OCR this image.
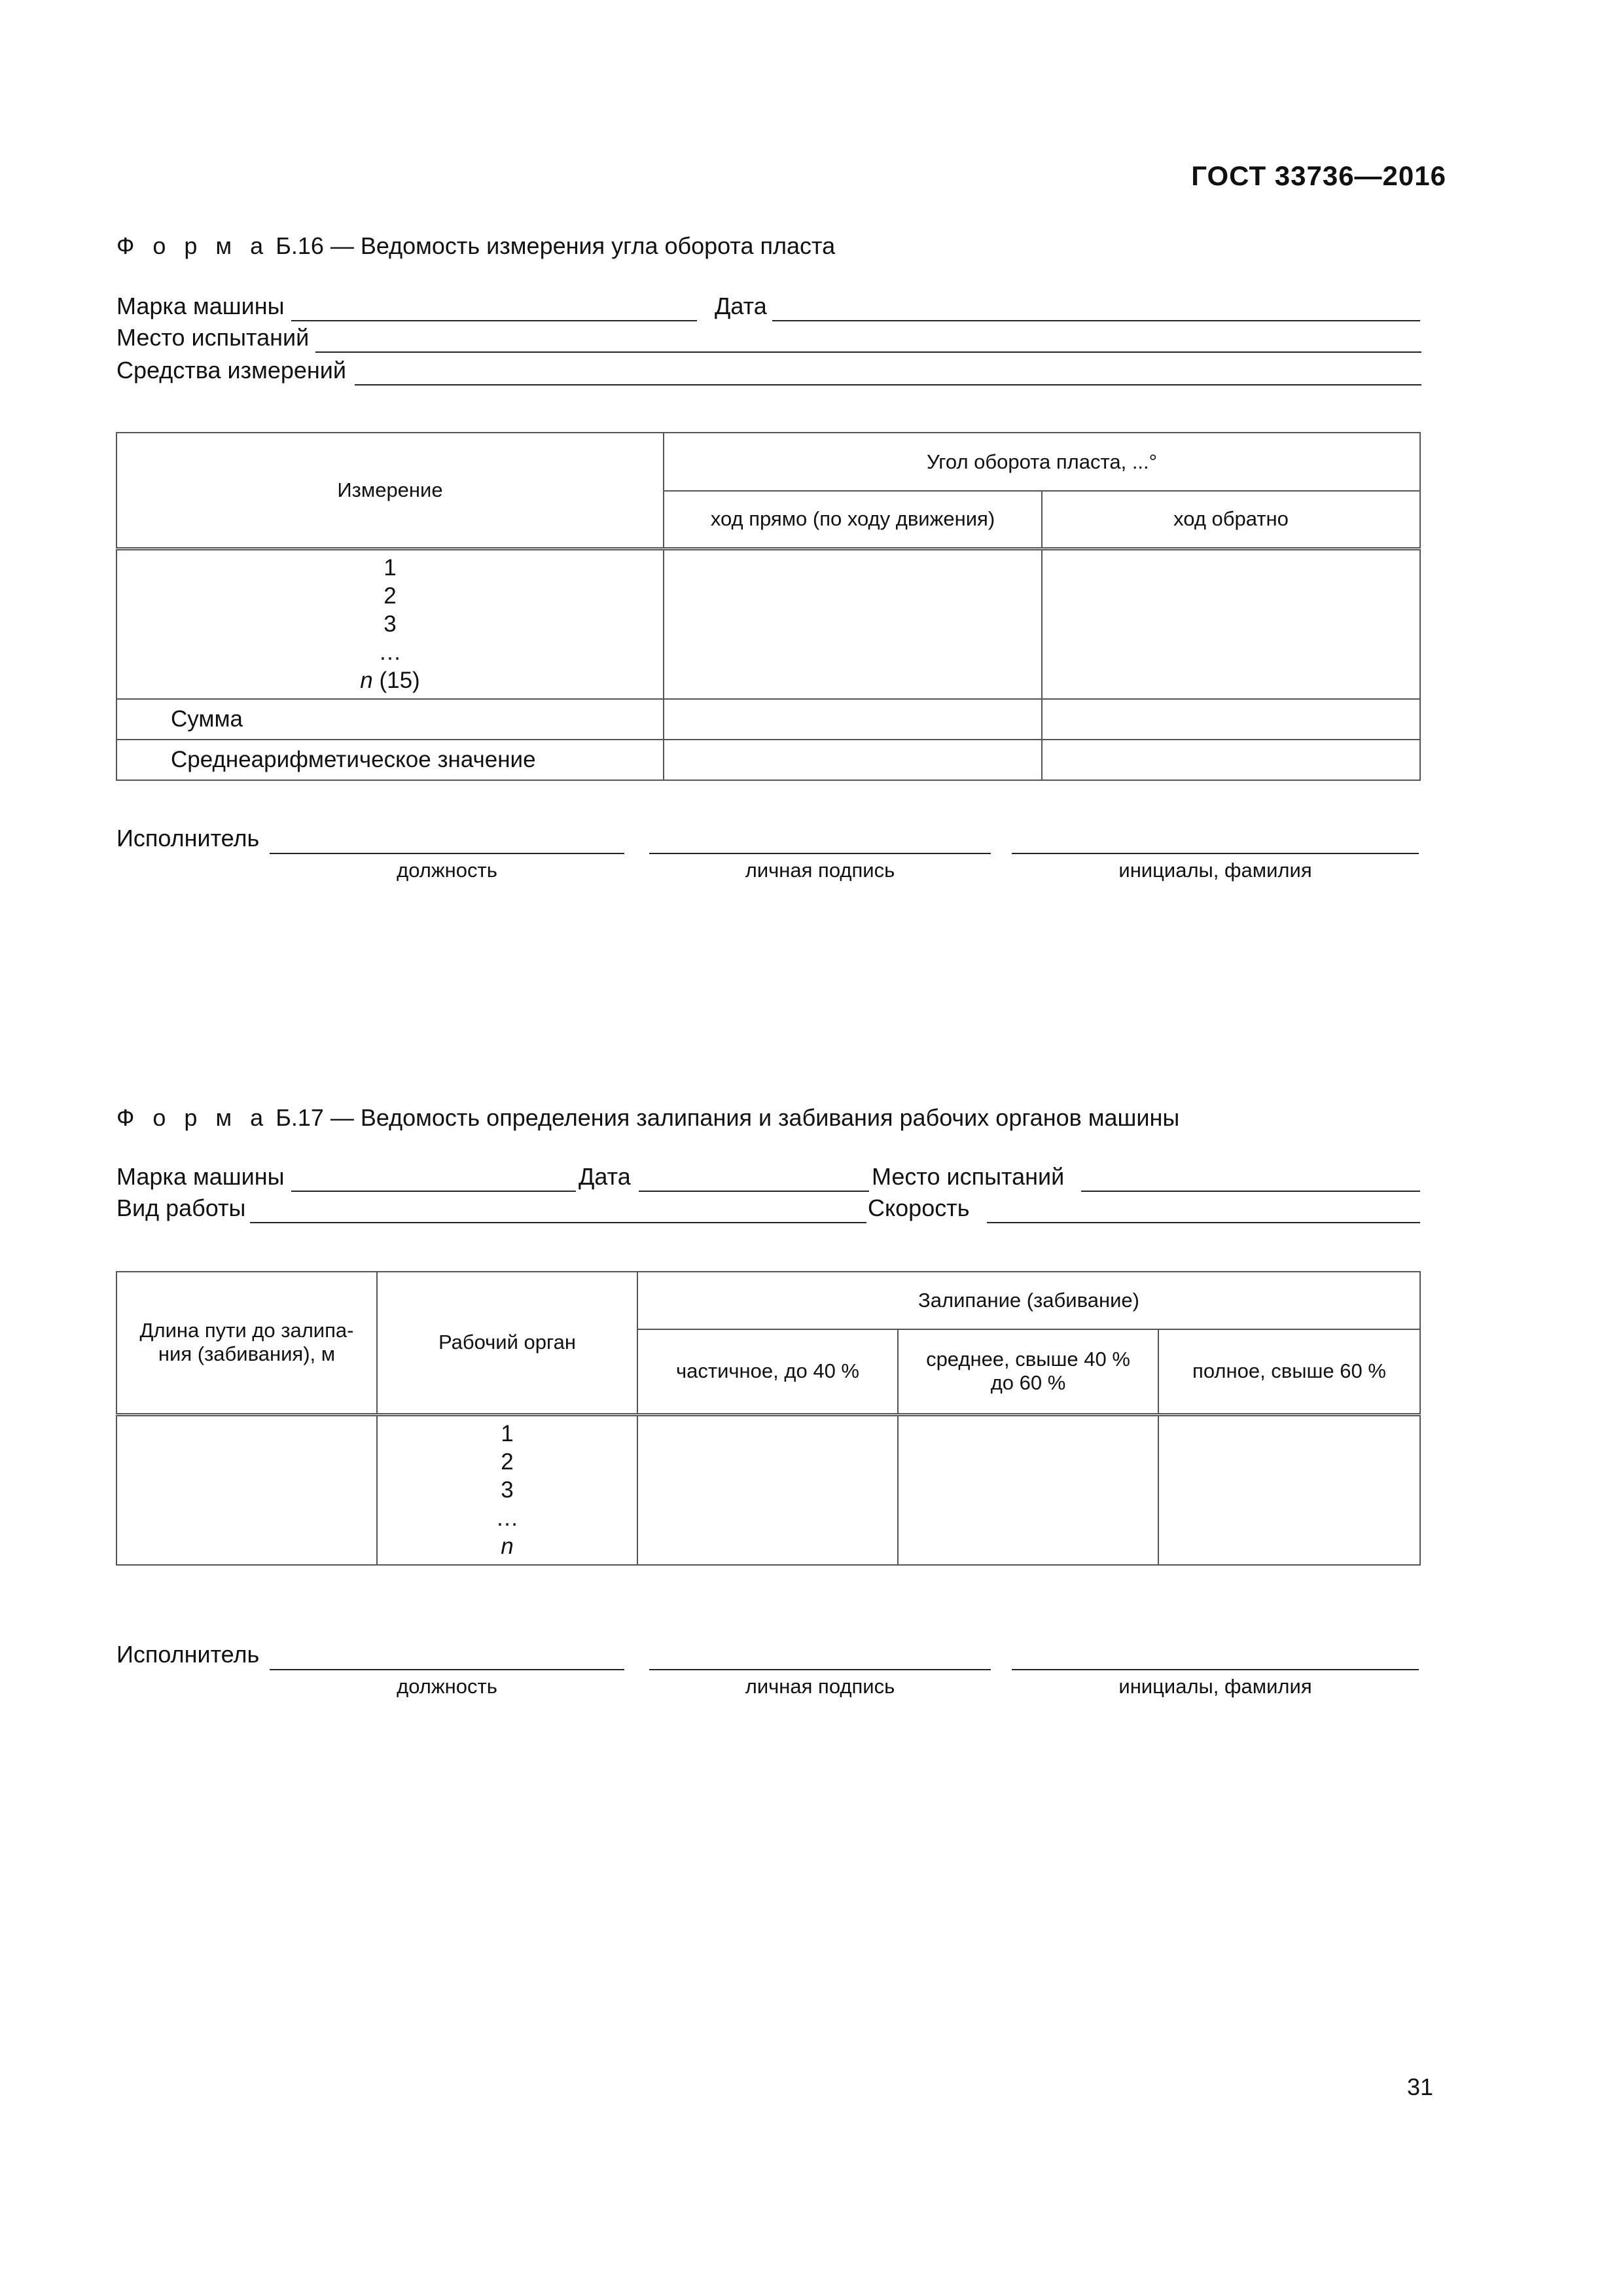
ГОСТ 33736—2016
Ф о р м а Б.16 — Ведомость измерения угла оборота пласта
Марка машины	Дата
Место испытаний
Средства измерений
Измерение	Угол оборота пласта, ...°	
	ход прямо (по ходу движения)	ход обратно

1
2
3
…
n (15)		

Сумма		
Среднеарифметическое значение		
Исполнитель
должность	личная подпись	инициалы, фамилия
Ф о р м а Б.17 — Ведомость определения залипания и забивания рабочих органов машины
Марка машины	Дата	Место испытаний
Вид работы	Скорость
Длина пути до залипа-ния (забивания), м	Рабочий орган	Залипание (забивание)		
		частичное, до 40 %	среднее, свыше 40 % до 60 %	полное, свыше 60 %

	1
2
3
…
n			

Исполнитель
должность	личная подпись	инициалы, фамилия
31
